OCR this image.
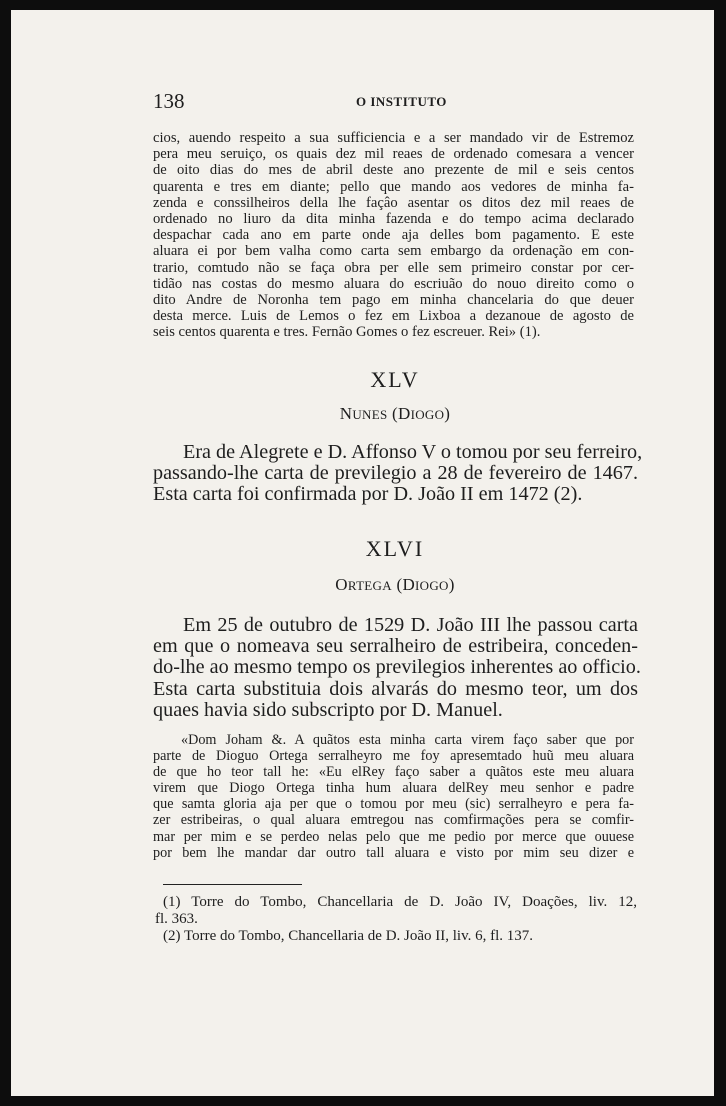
138	O INSTITUTO
cios, auendo respeito a sua sufficiencia e a ser mandado vir de Estremoz
pera meu seruiço, os quais dez mil reaes de ordenado comesara a vencer
de oito dias do mes de abril deste ano prezente de mil e seis centos
quarenta e tres em diante; pello que mando aos vedores de minha fa-
zenda e conssilheiros della lhe façâo asentar os ditos dez mil reaes de
ordenado no liuro da dita minha fazenda e do tempo acima declarado
despachar cada ano em parte onde aja delles bom pagamento. E este
aluara ei por bem valha como carta sem embargo da ordenação em con-
trario, comtudo não se faça obra per elle sem primeiro constar por cer-
tidão nas costas do mesmo aluara do escriuão do nouo direito como o
dito Andre de Noronha tem pago em minha chancelaria do que deuer
desta merce. Luis de Lemos o fez em Lixboa a dezanoue de agosto de
seis centos quarenta e tres. Fernão Gomes o fez escreuer. Rei» (1).
XLV
NUNES (DIOGO)
Era de Alegrete e D. Affonso V o tomou por seu ferreiro,
passando-lhe carta de previlegio a 28 de fevereiro de 1467.
Esta carta foi confirmada por D. João II em 1472 (2).
XLVI
ORTEGA (DIOGO)
Em 25 de outubro de 1529 D. João III lhe passou carta
em que o nomeava seu serralheiro de estribeira, conceden-
do-lhe ao mesmo tempo os previlegios inherentes ao officio.
Esta carta substituia dois alvarás do mesmo teor, um dos
quaes havia sido subscripto por D. Manuel.
«Dom Joham &. A quãtos esta minha carta virem faço saber que por
parte de Dioguo Ortega serralheyro me foy apresemtado huũ meu aluara
de que ho teor tall he: «Eu elRey faço saber a quãtos este meu aluara
virem que Diogo Ortega tinha hum aluara delRey meu senhor e padre
que samta gloria aja per que o tomou por meu (sic) serralheyro e pera fa-
zer estribeiras, o qual aluara emtregou nas comfirmações pera se comfir-
mar per mim e se perdeo nelas pelo que me pedio por merce que ouuese
por bem lhe mandar dar outro tall aluara e visto por mim seu dizer e
(1) Torre do Tombo, Chancellaria de D. João IV, Doações, liv. 12,
fl. 363.
(2) Torre do Tombo, Chancellaria de D. João II, liv. 6, fl. 137.
